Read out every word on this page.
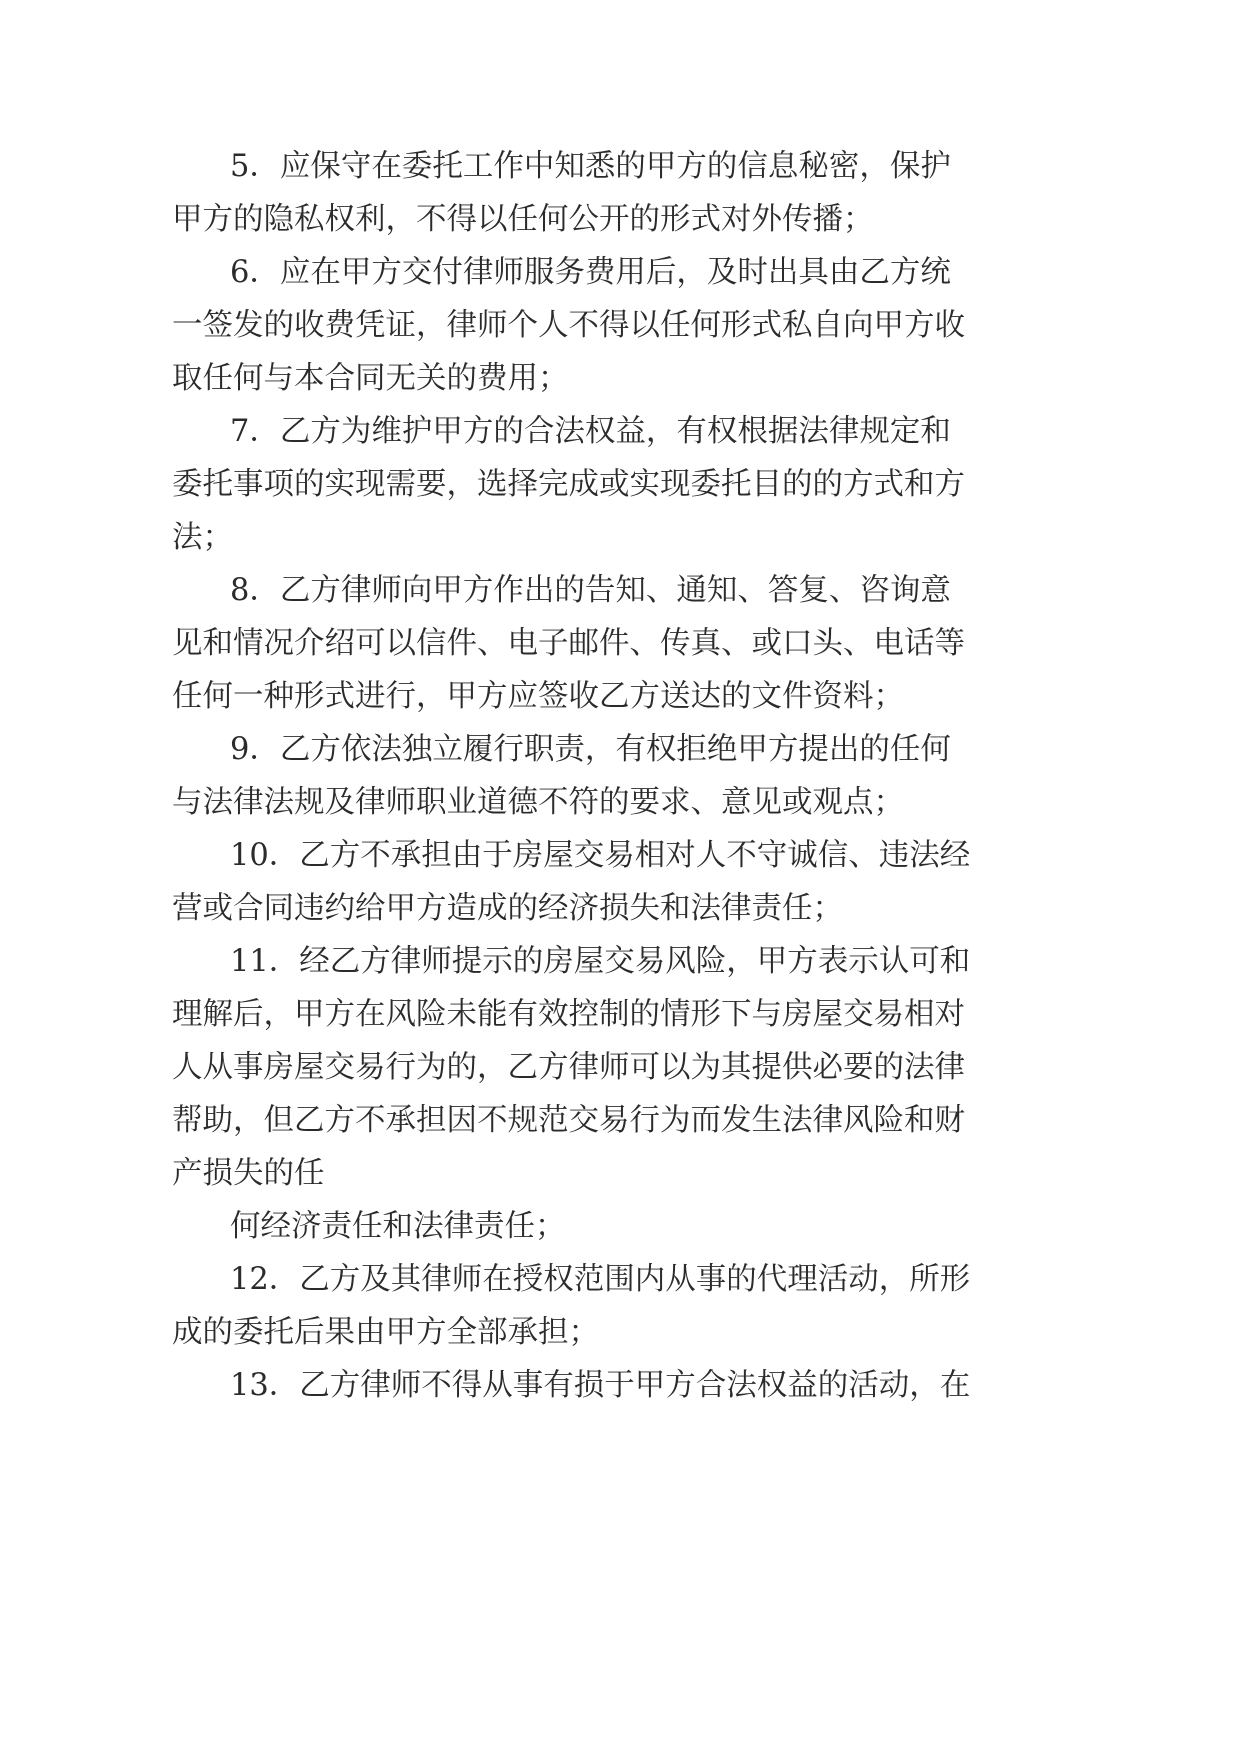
5．应保守在委托工作中知悉的甲方的信息秘密，保护
甲方的隐私权利，不得以任何公开的形式对外传播；
6．应在甲方交付律师服务费用后，及时出具由乙方统
一签发的收费凭证，律师个人不得以任何形式私自向甲方收
取任何与本合同无关的费用；
7．乙方为维护甲方的合法权益，有权根据法律规定和
委托事项的实现需要，选择完成或实现委托目的的方式和方
法；
8．乙方律师向甲方作出的告知、通知、答复、咨询意
见和情况介绍可以信件、电子邮件、传真、或口头、电话等
任何一种形式进行，甲方应签收乙方送达的文件资料；
9．乙方依法独立履行职责，有权拒绝甲方提出的任何
与法律法规及律师职业道德不符的要求、意见或观点；
10．乙方不承担由于房屋交易相对人不守诚信、违法经
营或合同违约给甲方造成的经济损失和法律责任；
11．经乙方律师提示的房屋交易风险，甲方表示认可和
理解后，甲方在风险未能有效控制的情形下与房屋交易相对
人从事房屋交易行为的，乙方律师可以为其提供必要的法律
帮助，但乙方不承担因不规范交易行为而发生法律风险和财
产损失的任
何经济责任和法律责任；
12．乙方及其律师在授权范围内从事的代理活动，所形
成的委托后果由甲方全部承担；
13．乙方律师不得从事有损于甲方合法权益的活动，在
